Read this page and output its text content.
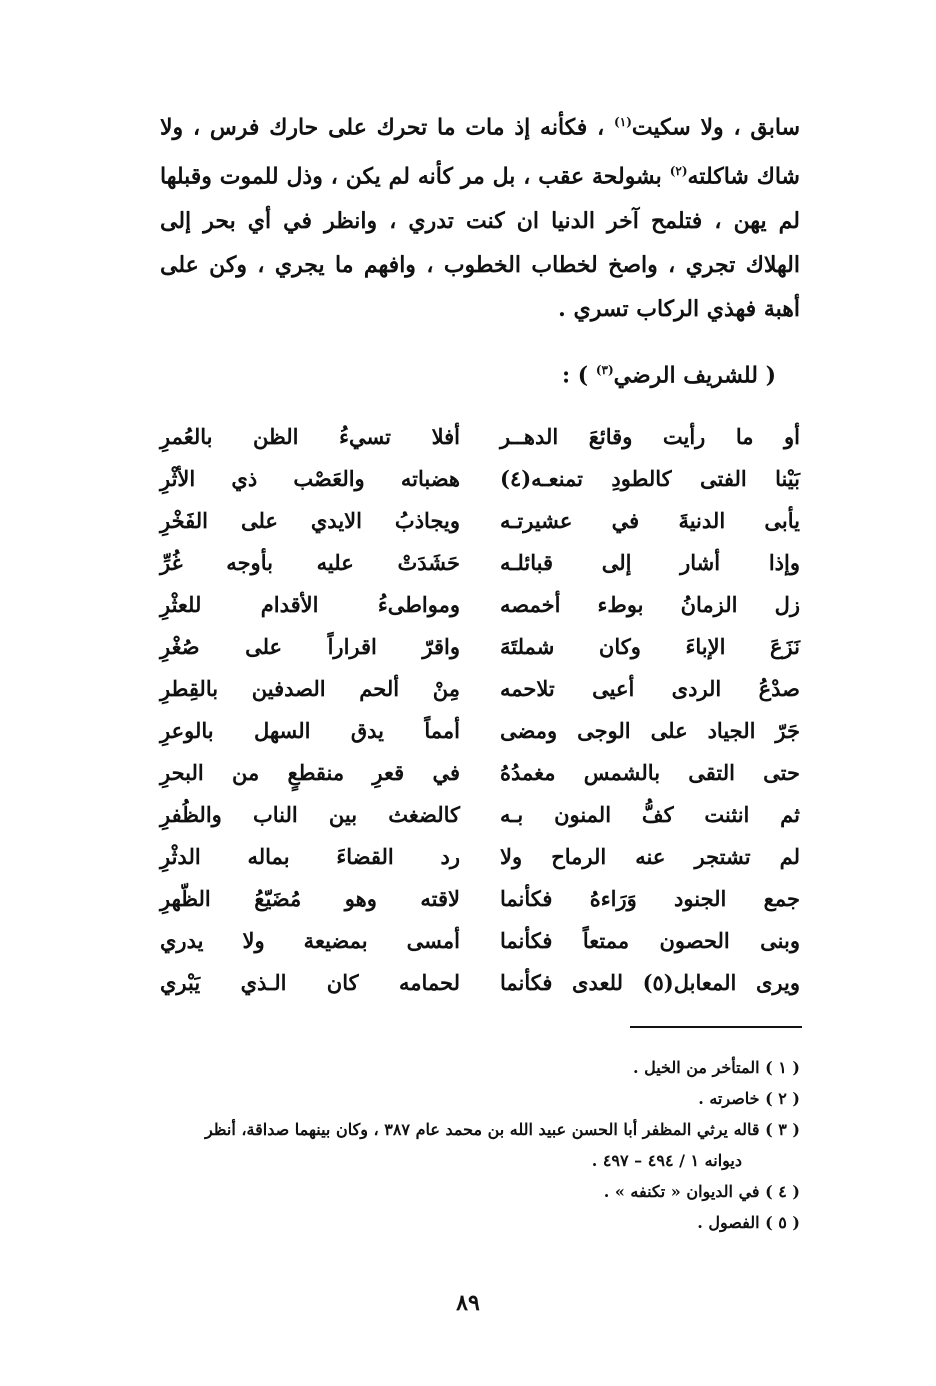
سابق ، ولا سكيت$^{(١)}$ ، فكأنه إذ مات ما تحرك على حارك فرس ، ولا شاك شاكلته$^{(٢)}$ بشولحة عقب ، بل مر كأنه لم يكن ، وذل للموت وقبلها لم يهن ، فتلمح آخر الدنيا ان كنت تدري ، وانظر في أي بحر إلى الهلاك تجري ، واصخ لخطاب الخطوب ، وافهم ما يجري ، وكن على أهبة فهذي الركاب تسري .
( للشريف الرضي$^{(٣)}$ ) :
أو ما رأيت وقائعَ الدهــر
أفلا تسيءُ الظن بالعُمرِ
بَيْنا الفتى كالطودِ تمنعـه(٤)
هضباته والعَصْب ذي الأثْرِ
يأبى الدنيةَ في عشيرتـه
ويجاذبُ الايدي على الفَخْرِ
وإذا أشار إلى قبائلـه
حَشَدَتْ عليه بأوجه غُرِّ
زل الزمانُ بوطء أخمصه
ومواطىءُ الأقدام للعثْرِ
نَزَعَ الإباءَ وكان شملتَهَ
واقرّ اقراراً على صُغْرِ
صدْعُ الردى أعيى تلاحمه
مِنْ ألحم الصدفين بالقِطرِ
جَرّ الجياد على الوجى ومضى
أمماً يدق السهل بالوعرِ
حتى التقى بالشمس مغمدُهُ
في قعرِ منقطعٍ من البحرِ
ثم انثنت كفُّ المنون بـه
كالضغث بين الناب والظُفرِ
لم تشتجر عنه الرماح ولا
رد القضاءَ بماله الدثْرِ
جمع الجنود وَرَاءهُ فكأنما
لاقته وهو مُضَيّعُ الظّهرِ
وبنى الحصون ممتعاً فكأنما
أمسى بمضيعة ولا يدري
ويرى المعابل(٥) للعدى فكأنما
لحمامه كان الـذي يَبْري
( ١ ) المتأخر من الخيل .
( ٢ ) خاصرته .
( ٣ ) قاله يرثي المظفر أبا الحسن عبيد الله بن محمد عام ٣٨٧ ، وكان بينهما صداقة، أنظر
ديوانه ١ / ٤٩٤ – ٤٩٧ .
( ٤ ) في الديوان « تكنفه » .
( ٥ ) الفصول .
٨٩
